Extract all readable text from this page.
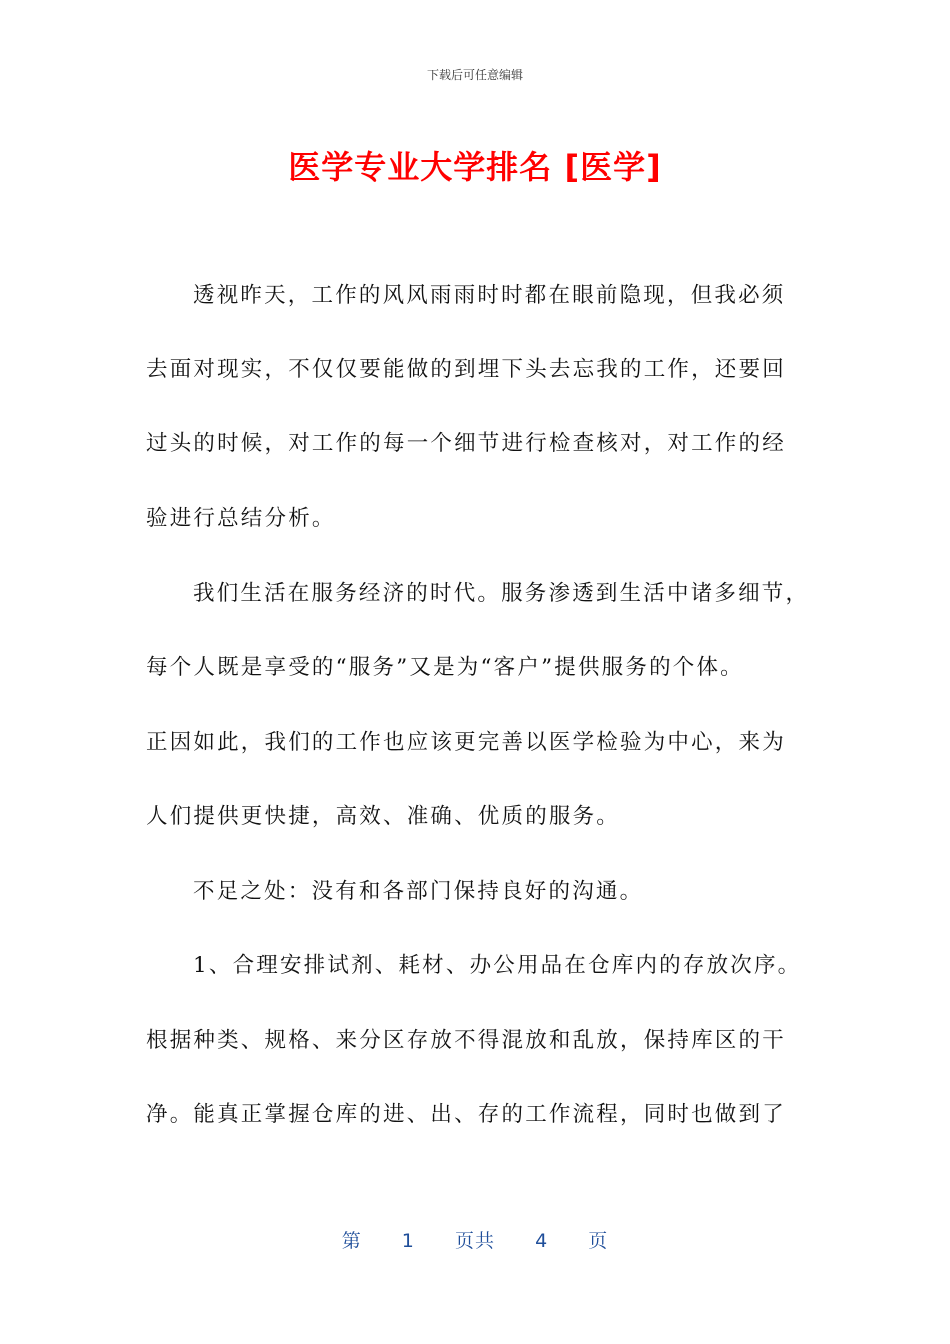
下载后可任意编辑
医学专业大学排名 [医学]
透视昨天，工作的风风雨雨时时都在眼前隐现，但我必须
去面对现实，不仅仅要能做的到埋下头去忘我的工作，还要回
过头的时候，对工作的每一个细节进行检查核对，对工作的经
验进行总结分析。
我们生活在服务经济的时代。服务渗透到生活中诸多细节，
每个人既是享受的“服务”又是为“客户”提供服务的个体。
正因如此，我们的工作也应该更完善以医学检验为中心，来为
人们提供更快捷，高效、准确、优质的服务。
不足之处：没有和各部门保持良好的沟通。
1、合理安排试剂、耗材、办公用品在仓库内的存放次序。
根据种类、规格、来分区存放不得混放和乱放，保持库区的干
净。能真正掌握仓库的进、出、存的工作流程，同时也做到了
第 1 页共 4 页
